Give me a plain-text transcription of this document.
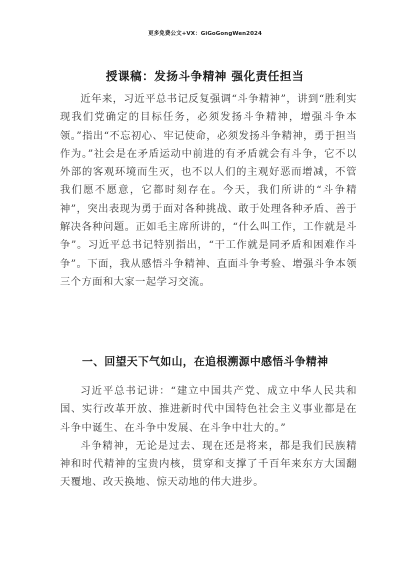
更多免费公文+VX：GiGoGongWen2024
授课稿：发扬斗争精神 强化责任担当

近年来，习近平总书记反复强调“斗争精神”，讲到“胜利实现我们党确定的目标任务，必须发扬斗争精神，增强斗争本领。”指出“不忘初心、牢记使命，必须发扬斗争精神，勇于担当作为。”社会是在矛盾运动中前进的有矛盾就会有斗争，它不以外部的客观环境而生灭，也不以人们的主观好恶而增减，不管我们愿不愿意，它都时刻存在。今天，我们所讲的“斗争精神”，突出表现为勇于面对各种挑战、敢于处理各种矛盾、善于解决各种问题。正如毛主席所讲的，“什么叫工作，工作就是斗争”。习近平总书记特别指出，“干工作就是同矛盾和困难作斗争”。下面，我从感悟斗争精神、直面斗争考验、增强斗争本领三个方面和大家一起学习交流。

一、回望天下气如山，在追根溯源中感悟斗争精神

习近平总书记讲：“建立中国共产党、成立中华人民共和国、实行改革开放、推进新时代中国特色社会主义事业都是在斗争中诞生、在斗争中发展、在斗争中壮大的。”

斗争精神，无论是过去、现在还是将来，都是我们民族精神和时代精神的宝贵内核，贯穿和支撑了千百年来东方大国翻天覆地、改天换地、惊天动地的伟大进步。
